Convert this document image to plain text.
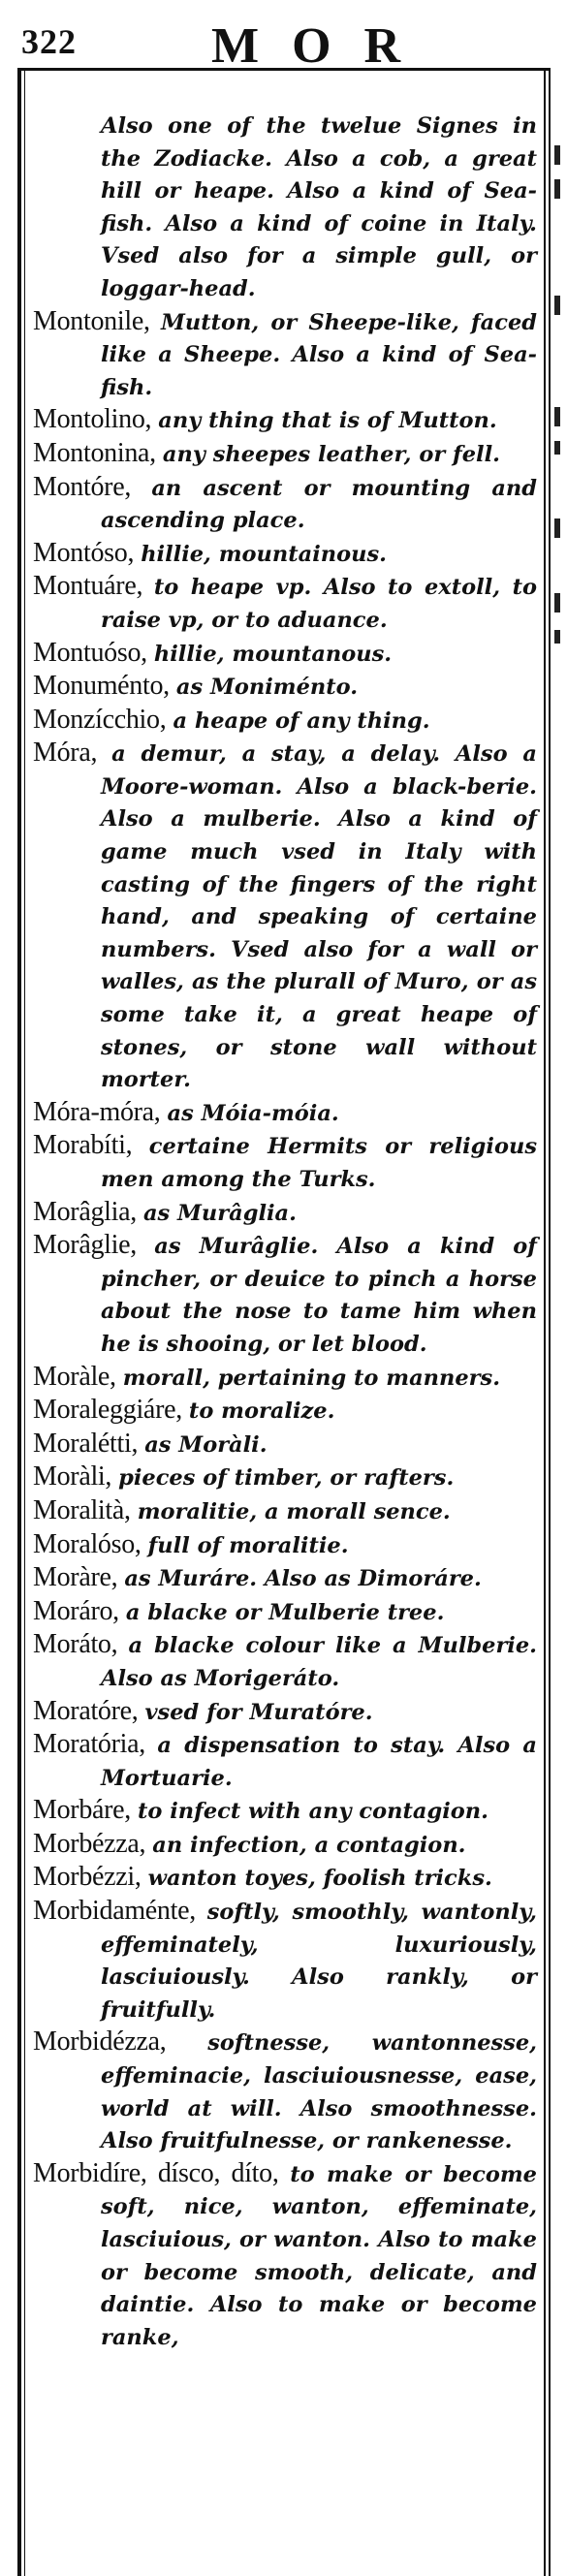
322	MOR
Also one of the twelue Signes in the Zodiacke. Also a cob, a great hill or heape. Also a kind of Sea-fish. Also a kind of coine in Italy. Vsed also for a simple gull, or loggar-head.
Montonile, Mutton, or Sheepe-like, faced like a Sheepe. Also a kind of Sea-fish.
Montolino, any thing that is of Mutton.
Montonina, any sheepes leather, or fell.
Montóre, an ascent or mounting and ascending place.
Montóso, hillie, mountainous.
Montuáre, to heape vp. Also to extoll, to raise vp, or to aduance.
Montuóso, hillie, mountanous.
Monuménto, as Moniménto.
Monzícchio, a heape of any thing.
Móra, a demur, a stay, a delay. Also a Moore-woman. Also a black-berie. Also a mulberie. Also a kind of game much vsed in Italy with casting of the fingers of the right hand, and speaking of certaine numbers. Vsed also for a wall or walles, as the plurall of Muro, or as some take it, a great heape of stones, or stone wall without morter.
Móra-móra, as Móia-móia.
Morabíti, certaine Hermits or religious men among the Turks.
Morâglia, as Murâglia.
Morâglie, as Murâglie. Also a kind of pincher, or deuice to pinch a horse about the nose to tame him when he is shooing, or let blood.
Moràle, morall, pertaining to manners.
Moraleggiáre, to moralize.
Moralétti, as Moràli.
Moràli, pieces of timber, or rafters.
Moralità, moralitie, a morall sence.
Moralóso, full of moralitie.
Moràre, as Muráre. Also as Dimoráre.
Moráro, a blacke or Mulberie tree.
Moráto, a blacke colour like a Mulberie. Also as Morigeráto.
Moratóre, vsed for Muratóre.
Moratória, a dispensation to stay. Also a Mortuarie.
Morbáre, to infect with any contagion.
Morbézza, an infection, a contagion.
Morbézzi, wanton toyes, foolish tricks.
Morbidaménte, softly, smoothly, wantonly, effeminately, luxuriously, lasciuiously. Also rankly, or fruitfully.
Morbidézza, softnesse, wantonnesse, effeminacie, lasciuiousnesse, ease, world at will. Also smoothnesse. Also fruitfulnesse, or rankenesse.
Morbidíre, dísco, díto, to make or become soft, nice, wanton, effeminate, lasciuious, or wanton. Also to make or become smooth, delicate, and daintie. Also to make or become ranke,
